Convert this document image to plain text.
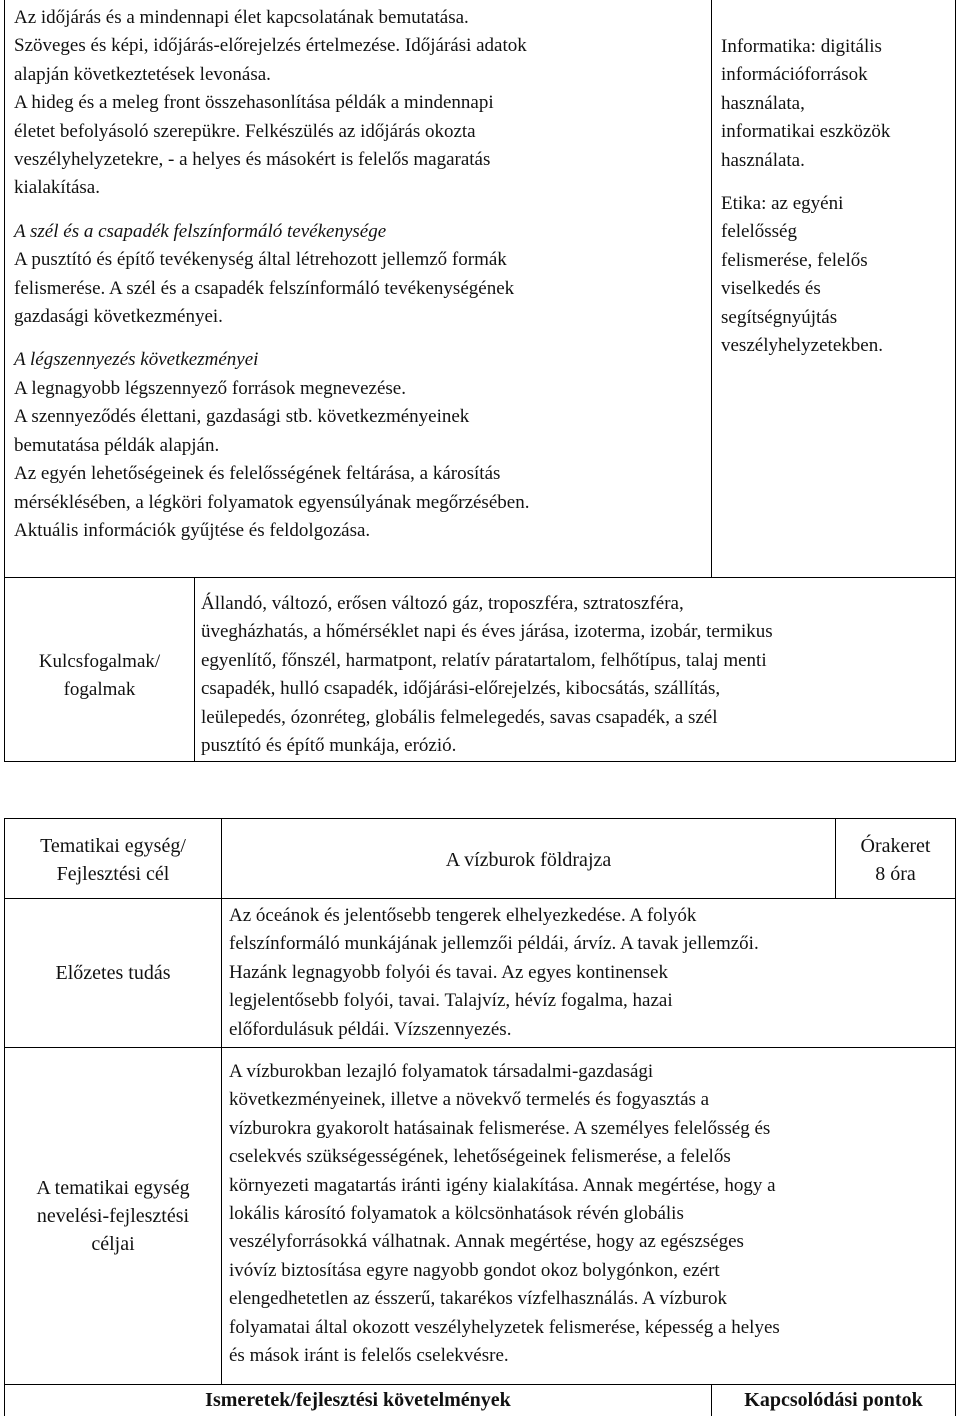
Az időjárás és a mindennapi élet kapcsolatának bemutatása.

Szöveges és képi, időjárás-előrejelzés értelmezése. Időjárási adatok

alapján következtetések levonása.

A hideg és a meleg front összehasonlítása példák a mindennapi

életet befolyásoló szerepükre. Felkészülés az időjárás okozta

veszélyhelyzetekre, - a helyes és másokért is felelős magaratás

kialakítása.

A szél és a csapadék felszínformáló tevékenysége

A pusztító és építő tevékenység által létrehozott jellemző formák

felismerése. A szél és a csapadék felszínformáló tevékenységének

gazdasági következményei.

A légszennyezés következményei

A legnagyobb légszennyező források megnevezése.

A szennyeződés élettani, gazdasági stb. következményeinek

bemutatása példák alapján.

Az egyén lehetőségeinek és felelősségének feltárása, a károsítás

mérséklésében, a légköri folyamatok egyensúlyának megőrzésében.

Aktuális információk gyűjtése és feldolgozása.

Informatika: digitális

információforrások

használata,

informatikai eszközök

használata.

Etika: az egyéni

felelősség

felismerése, felelős

viselkedés és

segítségnyújtás

veszélyhelyzetekben.

Kulcsfogalmak/

fogalmak

Állandó, változó, erősen változó gáz, troposzféra, sztratoszféra,

üvegházhatás, a hőmérséklet napi és éves járása, izoterma, izobár, termikus

egyenlítő, főnszél, harmatpont, relatív páratartalom, felhőtípus, talaj menti

csapadék, hulló csapadék, időjárási-előrejelzés, kibocsátás, szállítás,

leülepedés, ózonréteg, globális felmelegedés, savas csapadék, a szél

pusztító és építő munkája, erózió.

Tematikai egység/

Fejlesztési cél

A vízburok földrajza

Órakeret

8 óra

Előzetes tudás

Az óceánok és jelentősebb tengerek elhelyezkedése. A folyók

felszínformáló munkájának jellemzői példái, árvíz. A tavak jellemzői.

Hazánk legnagyobb folyói és tavai. Az egyes kontinensek

legjelentősebb folyói, tavai. Talajvíz, hévíz fogalma, hazai

előfordulásuk példái. Vízszennyezés.

A tematikai egység

nevelési-fejlesztési

céljai

A vízburokban lezajló folyamatok társadalmi-gazdasági

következményeinek, illetve a növekvő termelés és fogyasztás a

vízburokra gyakorolt hatásainak felismerése. A személyes felelősség és

cselekvés szükségességének, lehetőségeinek felismerése, a felelős

környezeti magatartás iránti igény kialakítása. Annak megértése, hogy a

lokális károsító folyamatok a kölcsönhatások révén globális

veszélyforrásokká válhatnak. Annak megértése, hogy az egészséges

ivóvíz biztosítása egyre nagyobb gondot okoz bolygónkon, ezért

elengedhetetlen az ésszerű, takarékos vízfelhasználás. A vízburok

folyamatai által okozott veszélyhelyzetek felismerése, képesség a helyes

és mások iránt is felelős cselekvésre.

Ismeretek/fejlesztési követelmények	Kapcsolódási pontok
